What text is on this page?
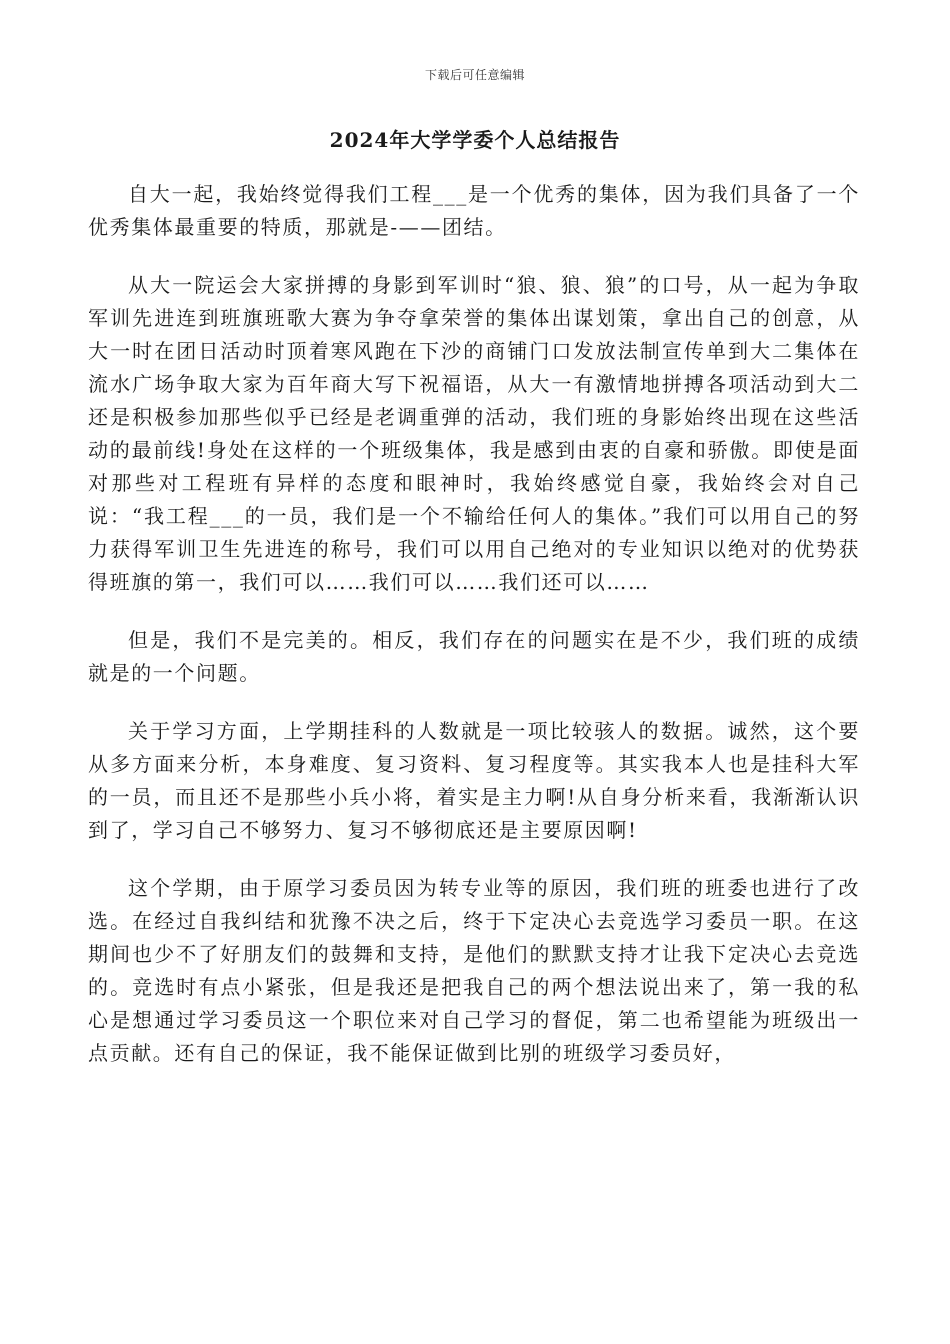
下载后可任意编辑
2024年大学学委个人总结报告

自大一起，我始终觉得我们工程___是一个优秀的集体，因为我们具备了一个优秀集体最重要的特质，那就是-——团结。

从大一院运会大家拼搏的身影到军训时“狼、狼、狼”的口号，从一起为争取军训先进连到班旗班歌大赛为争夺拿荣誉的集体出谋划策，拿出自己的创意，从大一时在团日活动时顶着寒风跑在下沙的商铺门口发放法制宣传单到大二集体在流水广场争取大家为百年商大写下祝福语，从大一有激情地拼搏各项活动到大二还是积极参加那些似乎已经是老调重弹的活动，我们班的身影始终出现在这些活动的最前线!身处在这样的一个班级集体，我是感到由衷的自豪和骄傲。即使是面对那些对工程班有异样的态度和眼神时，我始终感觉自豪，我始终会对自己说：“我工程___的一员，我们是一个不输给任何人的集体。”我们可以用自己的努力获得军训卫生先进连的称号，我们可以用自己绝对的专业知识以绝对的优势获得班旗的第一，我们可以……我们可以……我们还可以……

但是，我们不是完美的。相反，我们存在的问题实在是不少，我们班的成绩就是的一个问题。

关于学习方面，上学期挂科的人数就是一项比较骇人的数据。诚然，这个要从多方面来分析，本身难度、复习资料、复习程度等。其实我本人也是挂科大军的一员，而且还不是那些小兵小将，着实是主力啊!从自身分析来看，我渐渐认识到了，学习自己不够努力、复习不够彻底还是主要原因啊!

这个学期，由于原学习委员因为转专业等的原因，我们班的班委也进行了改选。在经过自我纠结和犹豫不决之后，终于下定决心去竞选学习委员一职。在这期间也少不了好朋友们的鼓舞和支持，是他们的默默支持才让我下定决心去竞选的。竞选时有点小紧张，但是我还是把我自己的两个想法说出来了，第一我的私心是想通过学习委员这一个职位来对自己学习的督促，第二也希望能为班级出一点贡献。还有自己的保证，我不能保证做到比别的班级学习委员好，
